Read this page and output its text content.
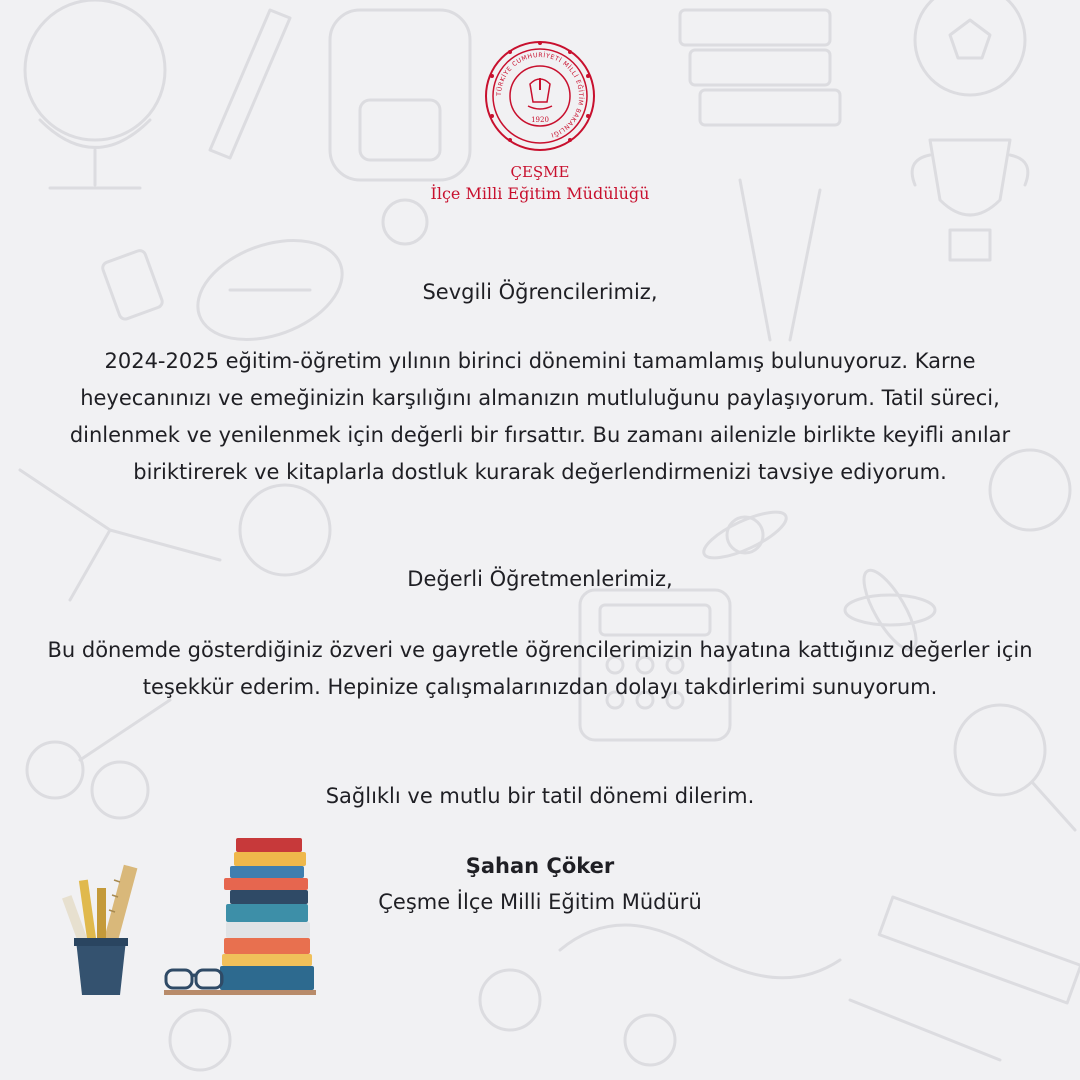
1920
TÜRKİYE CUMHURİYETİ MİLLİ EĞİTİM BAKANLIĞI
ÇEŞME
İlçe Milli Eğitim Müdülüğü

Sevgili Öğrencilerimiz,

2024-2025 eğitim-öğretim yılının birinci dönemini tamamlamış bulunuyoruz. Karne heyecanınızı ve emeğinizin karşılığını almanızın mutluluğunu paylaşıyorum. Tatil süreci, dinlenmek ve yenilenmek için değerli bir fırsattır. Bu zamanı ailenizle birlikte keyifli anılar biriktirerek ve kitaplarla dostluk kurarak değerlendirmenizi tavsiye ediyorum.

Değerli Öğretmenlerimiz,

Bu dönemde gösterdiğiniz özveri ve gayretle öğrencilerimizin hayatına kattığınız değerler için teşekkür ederim. Hepinize çalışmalarınızdan dolayı takdirlerimi sunuyorum.

Sağlıklı ve mutlu bir tatil dönemi dilerim.

Şahan Çöker
Çeşme İlçe Milli Eğitim Müdürü
